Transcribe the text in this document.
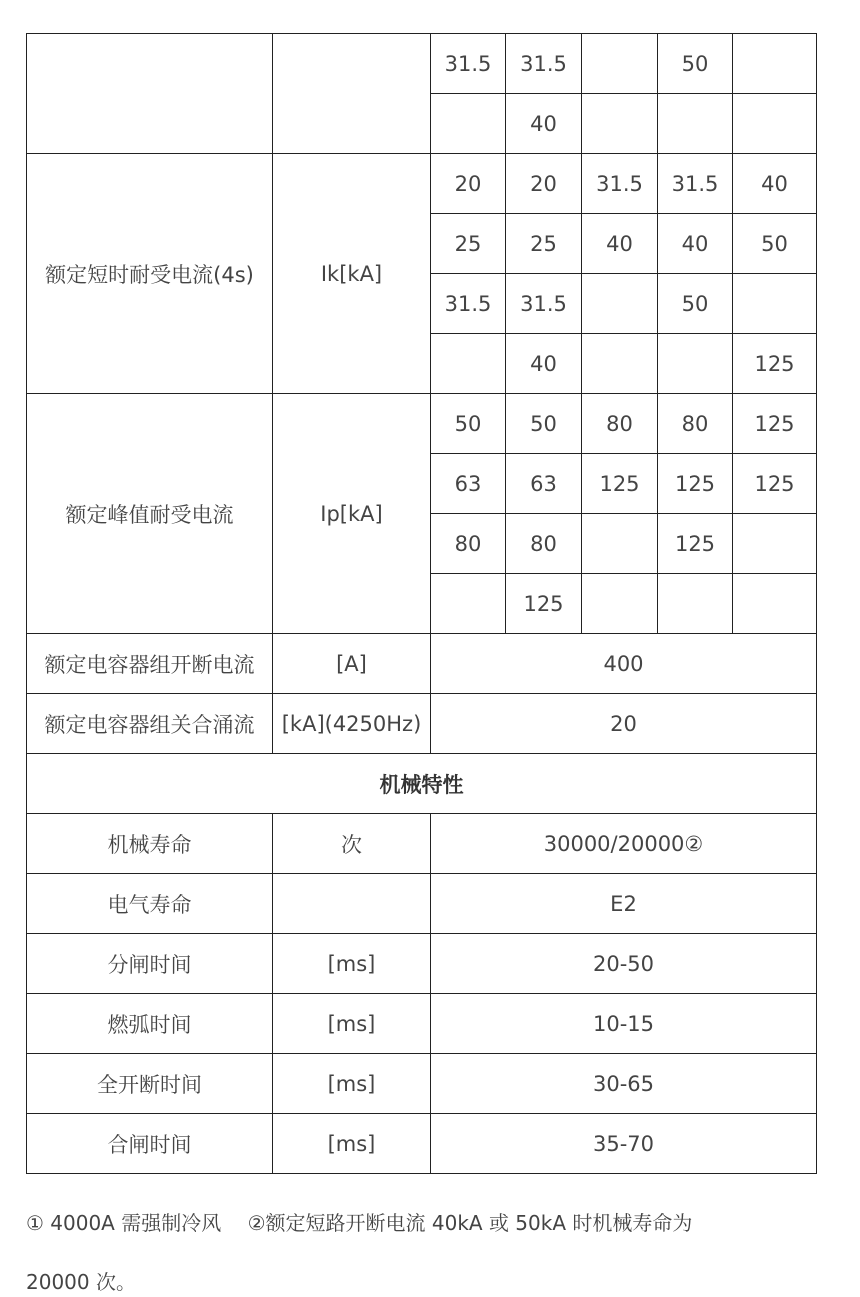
		31.5	31.5		50	
			40			
额定短时耐受电流(4s)	Ik[kA]	20	20	31.5	31.5	40
		25	25	40	40	50
		31.5	31.5		50	
			40			125
额定峰值耐受电流	Ip[kA]	50	50	80	80	125
		63	63	125	125	125
		80	80		125	
			125			
额定电容器组开断电流	[A]	400				
额定电容器组关合涌流	[kA](4250Hz)	20				
机械特性						
机械寿命	次	30000/20000②				
电气寿命		E2				
分闸时间	[ms]	20-50				
燃弧时间	[ms]	10-15				
全开断时间	[ms]	30-65				
合闸时间	[ms]	35-70				
① 4000A 需强制冷风　 ②额定短路开断电流 40kA 或 50kA 时机械寿命为
20000 次。
